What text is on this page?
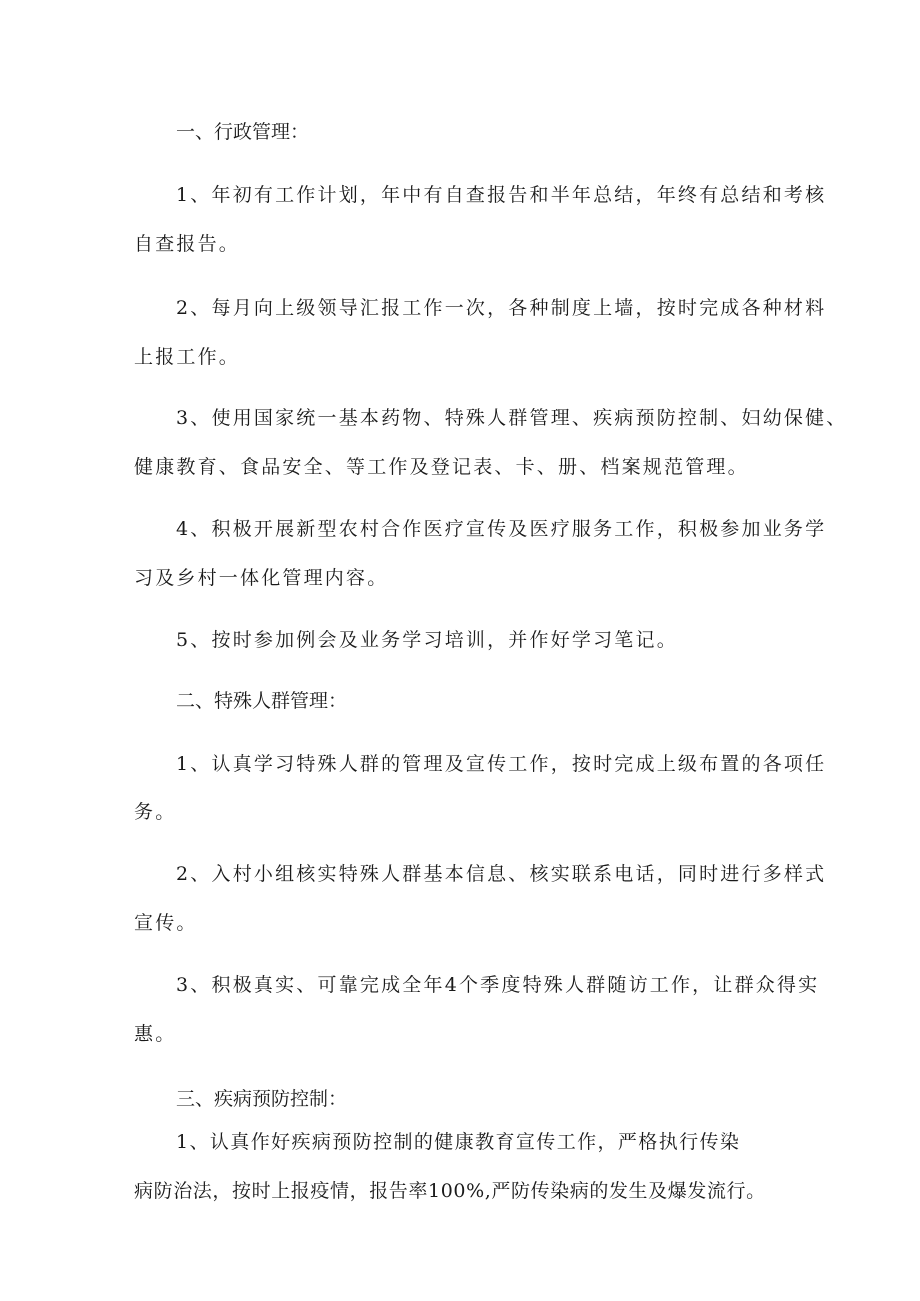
一、行政管理：
1、年初有工作计划，年中有自查报告和半年总结，年终有总结和考核
自查报告。
2、每月向上级领导汇报工作一次，各种制度上墙，按时完成各种材料
上报工作。
3、使用国家统一基本药物、特殊人群管理、疾病预防控制、妇幼保健、
健康教育、食品安全、等工作及登记表、卡、册、档案规范管理。
4、积极开展新型农村合作医疗宣传及医疗服务工作，积极参加业务学
习及乡村一体化管理内容。
5、按时参加例会及业务学习培训，并作好学习笔记。
二、特殊人群管理：
1、认真学习特殊人群的管理及宣传工作，按时完成上级布置的各项任
务。
2、入村小组核实特殊人群基本信息、核实联系电话，同时进行多样式
宣传。
3、积极真实、可靠完成全年4个季度特殊人群随访工作，让群众得实
惠。
三、疾病预防控制：
1、认真作好疾病预防控制的健康教育宣传工作，严格执行传染
病防治法，按时上报疫情，报告率100%,严防传染病的发生及爆发流行。
